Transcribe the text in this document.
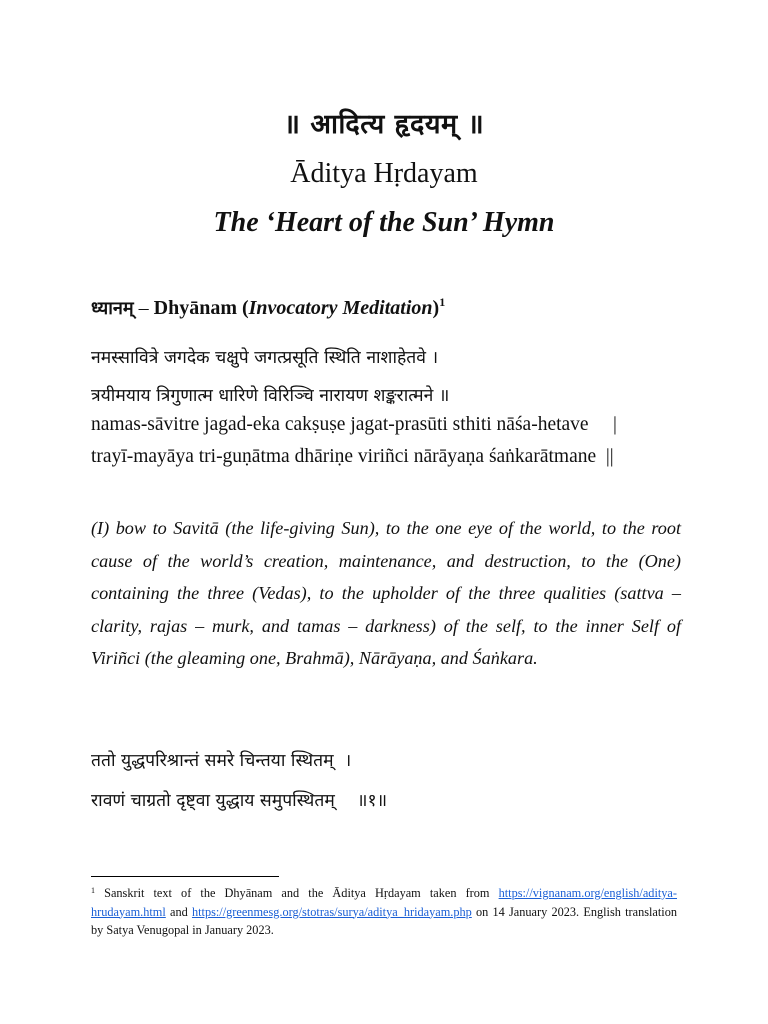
॥ आदित्य हृदयम् ॥
Āditya Hṛdayam
The ‘Heart of the Sun’ Hymn
ध्यानम् – Dhyānam (Invocatory Meditation)$^1$
नमस्सावित्रे जगदेक चक्षुपे जगत्प्रसूति स्थिति नाशाहेतवे ।
त्रयीमयाय त्रिगुणात्म धारिणे विरिञ्चि नारायण शङ्करात्मने ॥
namas-sāvitre jagad-eka cakṣuṣe jagat-prasūti sthiti nāśa-hetave     |
trayī-mayāya tri-guṇātma dhāriṇe viriñci nārāyaṇa śaṅkarātmane  ||
(I) bow to Savitā (the life-giving Sun), to the one eye of the world, to the root cause of the world’s creation, maintenance, and destruction, to the (One) containing the three (Vedas), to the upholder of the three qualities (sattva – clarity, rajas – murk, and tamas – darkness) of the self, to the inner Self of Viriñci (the gleaming one, Brahmā), Nārāyaṇa, and Śaṅkara.
ततो युद्धपरिश्रान्तं समरे चिन्तया स्थितम्  ।
रावणं चाग्रतो दृष्ट्वा युद्धाय समुपस्थितम्    ॥१॥
$^1$ Sanskrit text of the Dhyānam and the Āditya Hṛdayam taken from https://vignanam.org/english/aditya-hrudayam.html and https://greenmesg.org/stotras/surya/aditya_hridayam.php on 14 January 2023. English translation by Satya Venugopal in January 2023.
